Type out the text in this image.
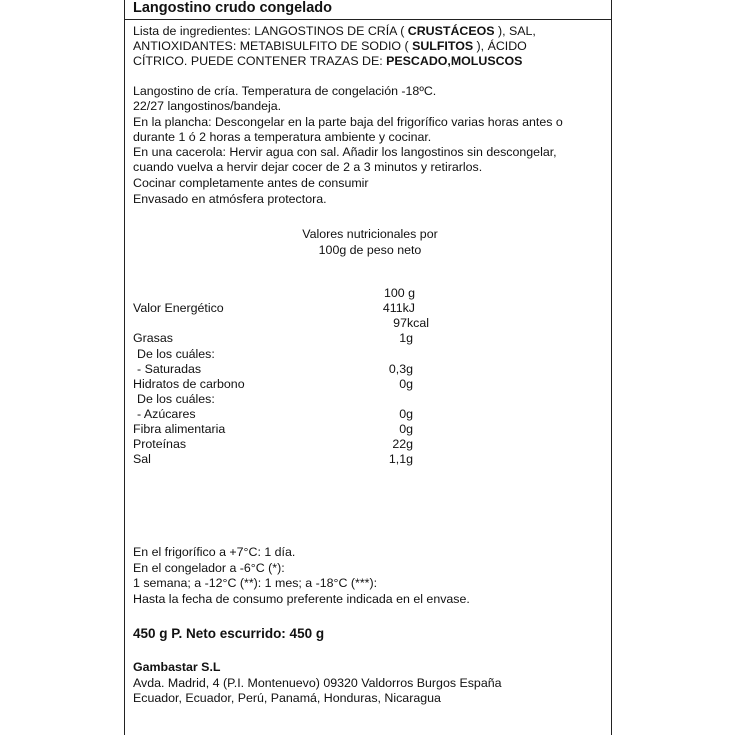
Langostino crudo congelado
Lista de ingredientes: LANGOSTINOS DE CRÍA ( CRUSTÁCEOS ), SAL,
ANTIOXIDANTES: METABISULFITO DE SODIO ( SULFITOS ), ÁCIDO
CÍTRICO. PUEDE CONTENER TRAZAS DE: PESCADO,MOLUSCOS
Langostino de cría. Temperatura de congelación -18ºC.
22/27 langostinos/bandeja.
En la plancha: Descongelar en la parte baja del frigorífico varias horas antes o
durante 1 ó 2 horas a temperatura ambiente y cocinar.
En una cacerola: Hervir agua con sal. Añadir los langostinos sin descongelar,
cuando vuelva a hervir dejar cocer de 2 a 3 minutos y retirarlos.
Cocinar completamente antes de consumir
Envasado en atmósfera protectora.
Valores nutricionales por
100g de peso neto
100 g
Valor Energético	411kJ
97kcal
Grasas	1g
De los cuáles:
- Saturadas	0,3g
Hidratos de carbono	0g
De los cuáles:
- Azúcares	0g
Fibra alimentaria	0g
Proteínas	22g
Sal	1,1g
En el frigorífico a +7°C: 1 día.
En el congelador a -6°C (*):
1 semana; a -12°C (**): 1 mes; a -18°C (***):
Hasta la fecha de consumo preferente indicada en el envase.
450 g P. Neto escurrido: 450 g
Gambastar S.L
Avda. Madrid, 4 (P.I. Montenuevo) 09320 Valdorros Burgos España
Ecuador, Ecuador, Perú, Panamá, Honduras, Nicaragua
